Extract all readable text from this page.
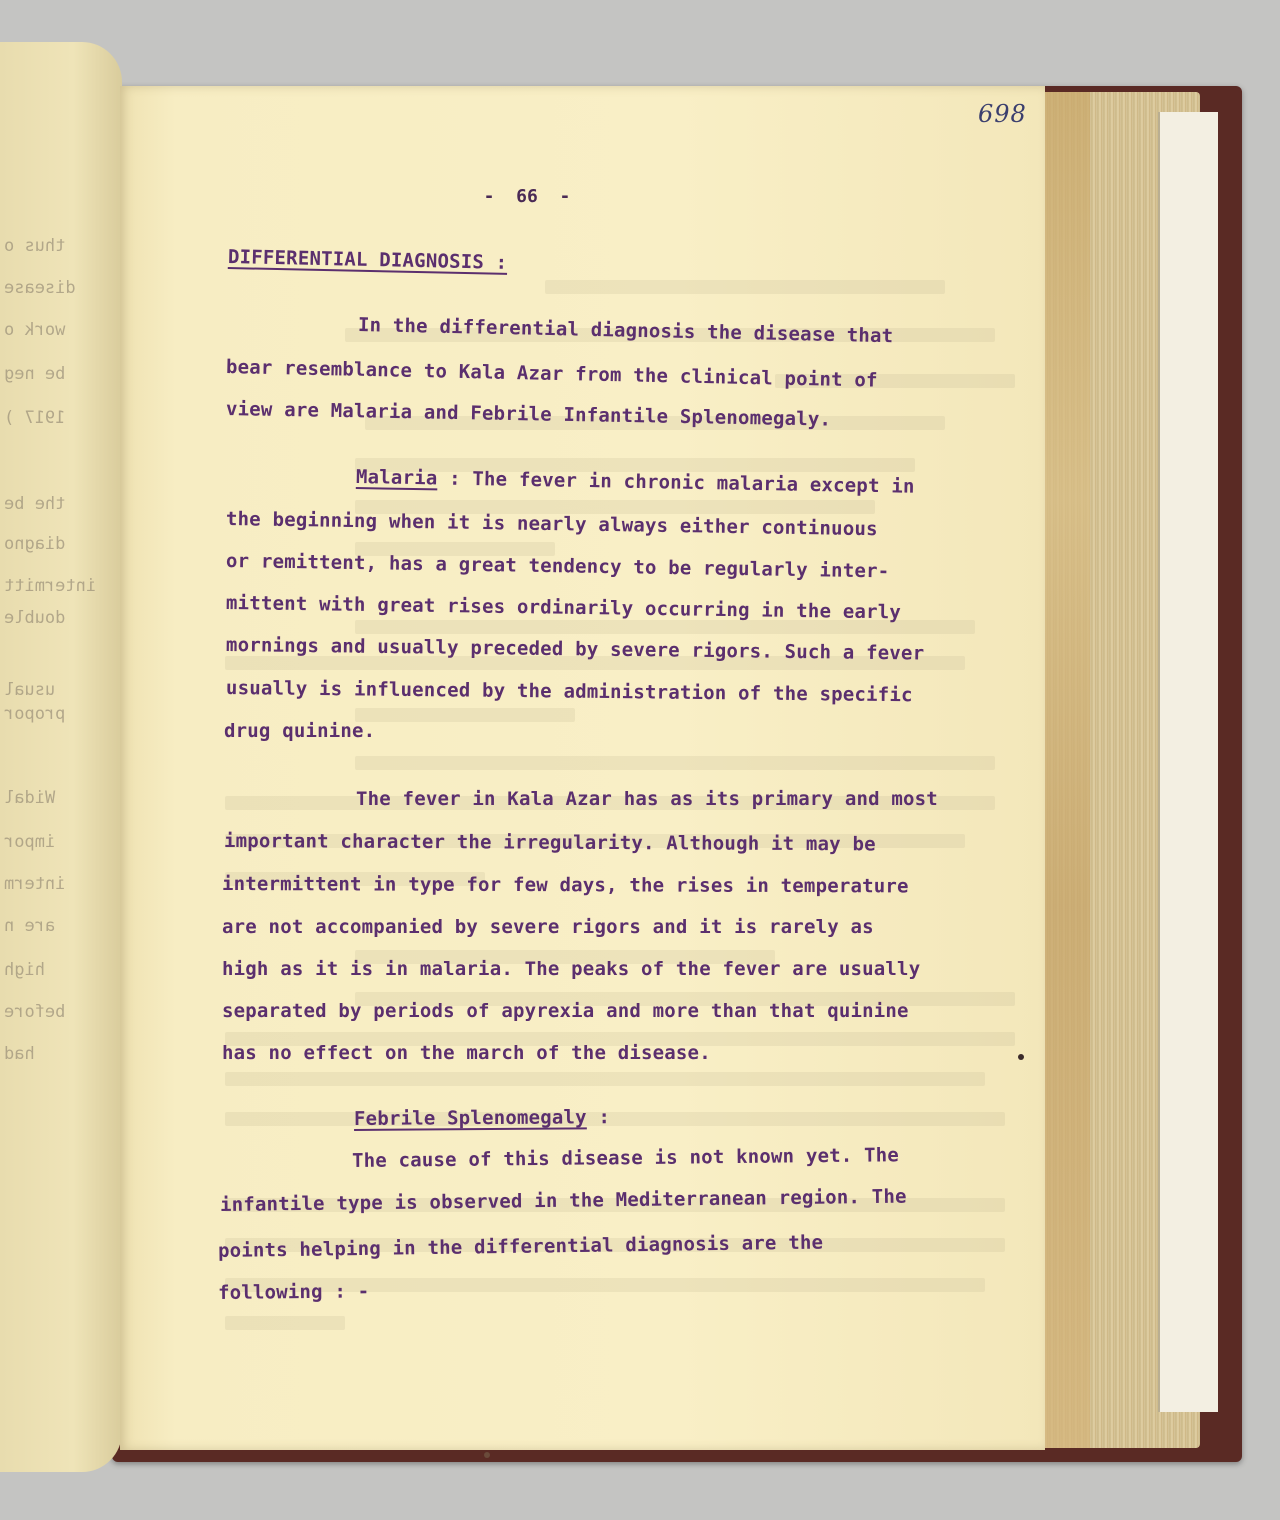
thus o
disease
work o
be neg
1917 )
the be
diagno
intermitt
double
usual
propor
Widal
impor
interm
are n
high
before
had
698
-  66  -

DIFFERENTIAL DIAGNOSIS :

In the differential diagnosis the disease that

bear resemblance to Kala Azar from the clinical point of

view are Malaria and Febrile Infantile Splenomegaly.

Malaria : The fever in chronic malaria except in

the beginning when it is nearly always either continuous

or remittent, has a great tendency to be regularly inter-

mittent with great rises ordinarily occurring in the early

mornings and usually preceded by severe rigors. Such a fever

usually is influenced by the administration of the specific

drug quinine.

The fever in Kala Azar has as its primary and most

important character the irregularity. Although it may be

intermittent in type for few days, the rises in temperature

are not accompanied by severe rigors and it is rarely as

high as it is in malaria. The peaks of the fever are usually

separated by periods of apyrexia and more than that quinine

has no effect on the march of the disease.

Febrile Splenomegaly :

The cause of this disease is not known yet. The

infantile type is observed in the Mediterranean region. The

points helping in the differential diagnosis are the

following : -
